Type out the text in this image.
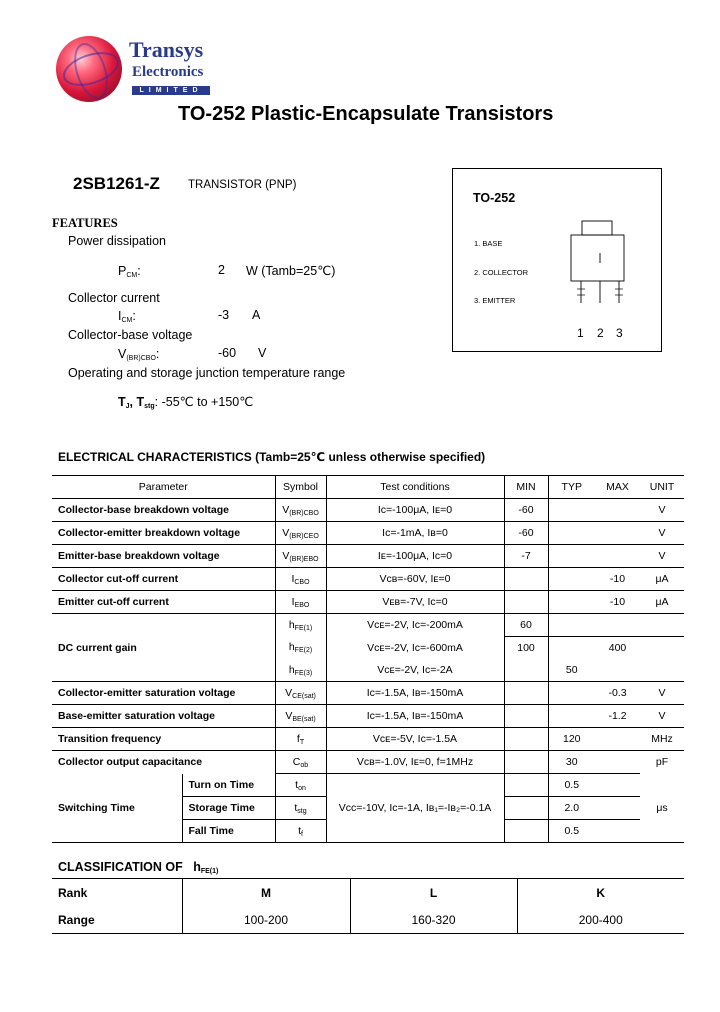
Transys
Electronics
LIMITED
TO-252 Plastic-Encapsulate Transistors
2SB1261-Z TRANSISTOR (PNP)
FEATURES
Power dissipation
$P_{CM}$:	2 W (Tamb=25℃)
Collector current
$I_{CM}$:	-3 A
Collector-base voltage
$V_{(BR)CBO}$:	-60 V
Operating and storage junction temperature range
$T_J$, $T_{stg}$: -55℃ to +150℃
TO-252
1. BASE
2. COLLECTOR
3. EMITTER
1 2 3
ELECTRICAL CHARACTERISTICS (Tamb=25℃ unless otherwise specified)
Parameter		Symbol	Test conditions	MIN	TYP	MAX	UNIT
Collector-base breakdown voltage		$V_{(BR)CBO}$	Iᴄ=-100μA, Iᴇ=0	-60			V
Collector-emitter breakdown voltage		$V_{(BR)CEO}$	Iᴄ=-1mA, Iʙ=0	-60			V
Emitter-base breakdown voltage		$V_{(BR)EBO}$	Iᴇ=-100μA, Iᴄ=0	-7			V
Collector cut-off current		$I_{CBO}$	Vᴄʙ=-60V, Iᴇ=0			-10	μA
Emitter cut-off current		$I_{EBO}$	Vᴇʙ=-7V, Iᴄ=0			-10	μA
DC current gain		$h_{FE(1)}$	Vᴄᴇ=-2V, Iᴄ=-200mA	60			
		$h_{FE(2)}$	Vᴄᴇ=-2V, Iᴄ=-600mA	100		400	
		$h_{FE(3)}$	Vᴄᴇ=-2V, Iᴄ=-2A		50		
Collector-emitter saturation voltage		$V_{CE(sat)}$	Iᴄ=-1.5A, Iʙ=-150mA			-0.3	V
Base-emitter saturation voltage		$V_{BE(sat)}$	Iᴄ=-1.5A, Iʙ=-150mA			-1.2	V
Transition frequency		$f_T$	Vᴄᴇ=-5V, Iᴄ=-1.5A		120		MHz
Collector output capacitance		$C_{ob}$	Vᴄʙ=-1.0V, Iᴇ=0, f=1MHz		30		pF
Switching Time	Turn on Time	$t_{on}$	Vᴄᴄ=-10V, Iᴄ=-1A, Iʙ₁=-Iʙ₂=-0.1A		0.5		μs
	Storage Time	$t_{stg}$			2.0		
	Fall Time	$t_f$			0.5		
CLASSIFICATION OF $h_{FE(1)}$
Rank	M	L	K
Range	100-200	160-320	200-400
